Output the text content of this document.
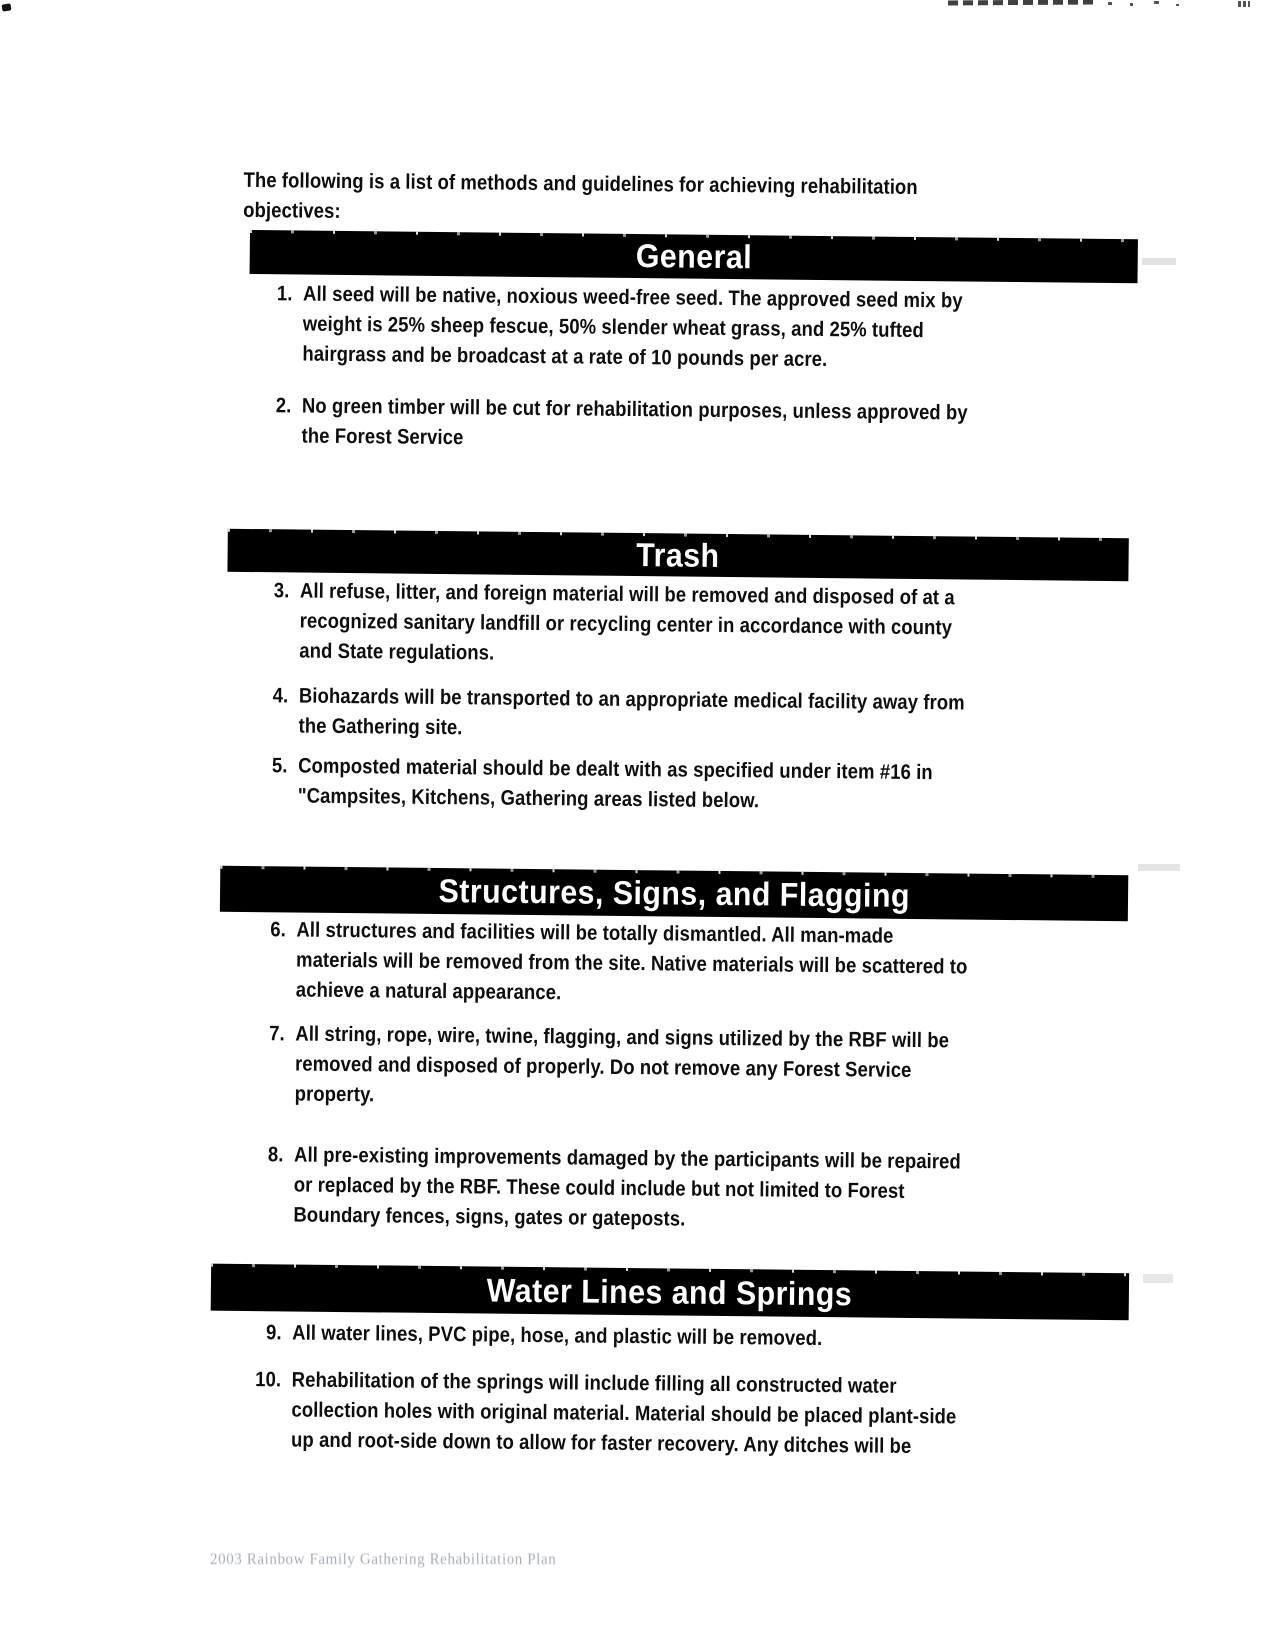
The following is a list of methods and guidelines for achieving rehabilitation
objectives:
General
1. All seed will be native, noxious weed-free seed. The approved seed mix by
weight is 25% sheep fescue, 50% slender wheat grass, and 25% tufted
hairgrass and be broadcast at a rate of 10 pounds per acre.
2. No green timber will be cut for rehabilitation purposes, unless approved by
the Forest Service
Trash
3. All refuse, litter, and foreign material will be removed and disposed of at a
recognized sanitary landfill or recycling center in accordance with county
and State regulations.
4. Biohazards will be transported to an appropriate medical facility away from
the Gathering site.
5. Composted material should be dealt with as specified under item #16 in
"Campsites, Kitchens, Gathering areas listed below.
Structures, Signs, and Flagging
6. All structures and facilities will be totally dismantled. All man-made
materials will be removed from the site. Native materials will be scattered to
achieve a natural appearance.
7. All string, rope, wire, twine, flagging, and signs utilized by the RBF will be
removed and disposed of properly. Do not remove any Forest Service
property.
8. All pre-existing improvements damaged by the participants will be repaired
or replaced by the RBF. These could include but not limited to Forest
Boundary fences, signs, gates or gateposts.
Water Lines and Springs
9. All water lines, PVC pipe, hose, and plastic will be removed.
10. Rehabilitation of the springs will include filling all constructed water
collection holes with original material. Material should be placed plant-side
up and root-side down to allow for faster recovery. Any ditches will be
2003 Rainbow Family Gathering Rehabilitation Plan
